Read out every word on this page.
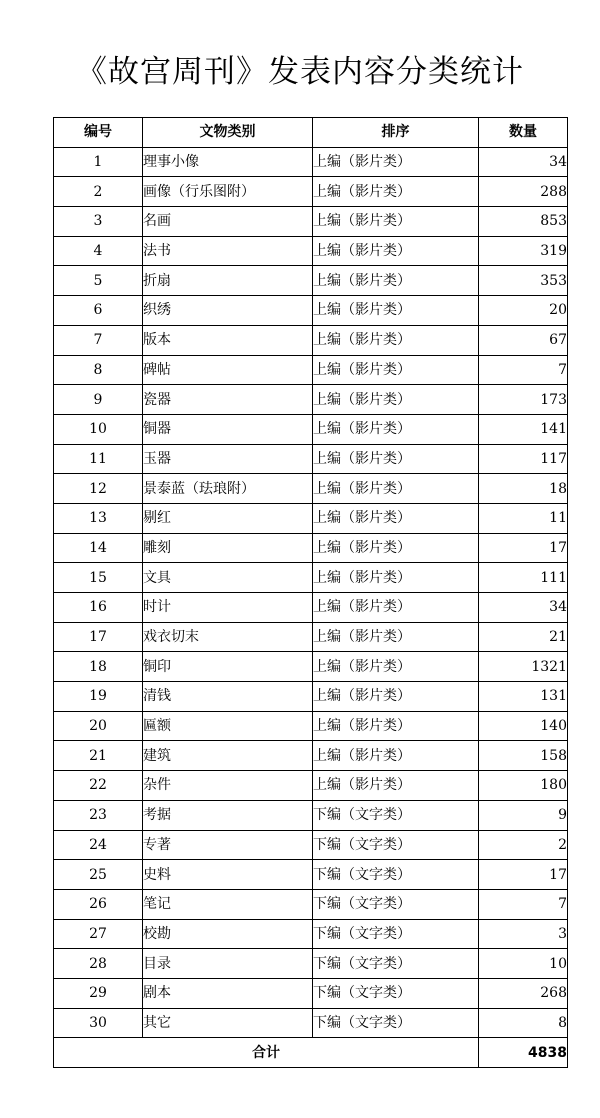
《故宫周刊》发表内容分类统计
编号	文物类别	排序	数量
1	理事小像	上编（影片类）	34
2	画像（行乐图附）	上编（影片类）	288
3	名画	上编（影片类）	853
4	法书	上编（影片类）	319
5	折扇	上编（影片类）	353
6	织绣	上编（影片类）	20
7	版本	上编（影片类）	67
8	碑帖	上编（影片类）	7
9	瓷器	上编（影片类）	173
10	铜器	上编（影片类）	141
11	玉器	上编（影片类）	117
12	景泰蓝（珐琅附）	上编（影片类）	18
13	剔红	上编（影片类）	11
14	雕刻	上编（影片类）	17
15	文具	上编（影片类）	111
16	时计	上编（影片类）	34
17	戏衣切末	上编（影片类）	21
18	铜印	上编（影片类）	1321
19	清钱	上编（影片类）	131
20	匾额	上编（影片类）	140
21	建筑	上编（影片类）	158
22	杂件	上编（影片类）	180
23	考据	下编（文字类）	9
24	专著	下编（文字类）	2
25	史料	下编（文字类）	17
26	笔记	下编（文字类）	7
27	校勘	下编（文字类）	3
28	目录	下编（文字类）	10
29	剧本	下编（文字类）	268
30	其它	下编（文字类）	8
合计			4838
